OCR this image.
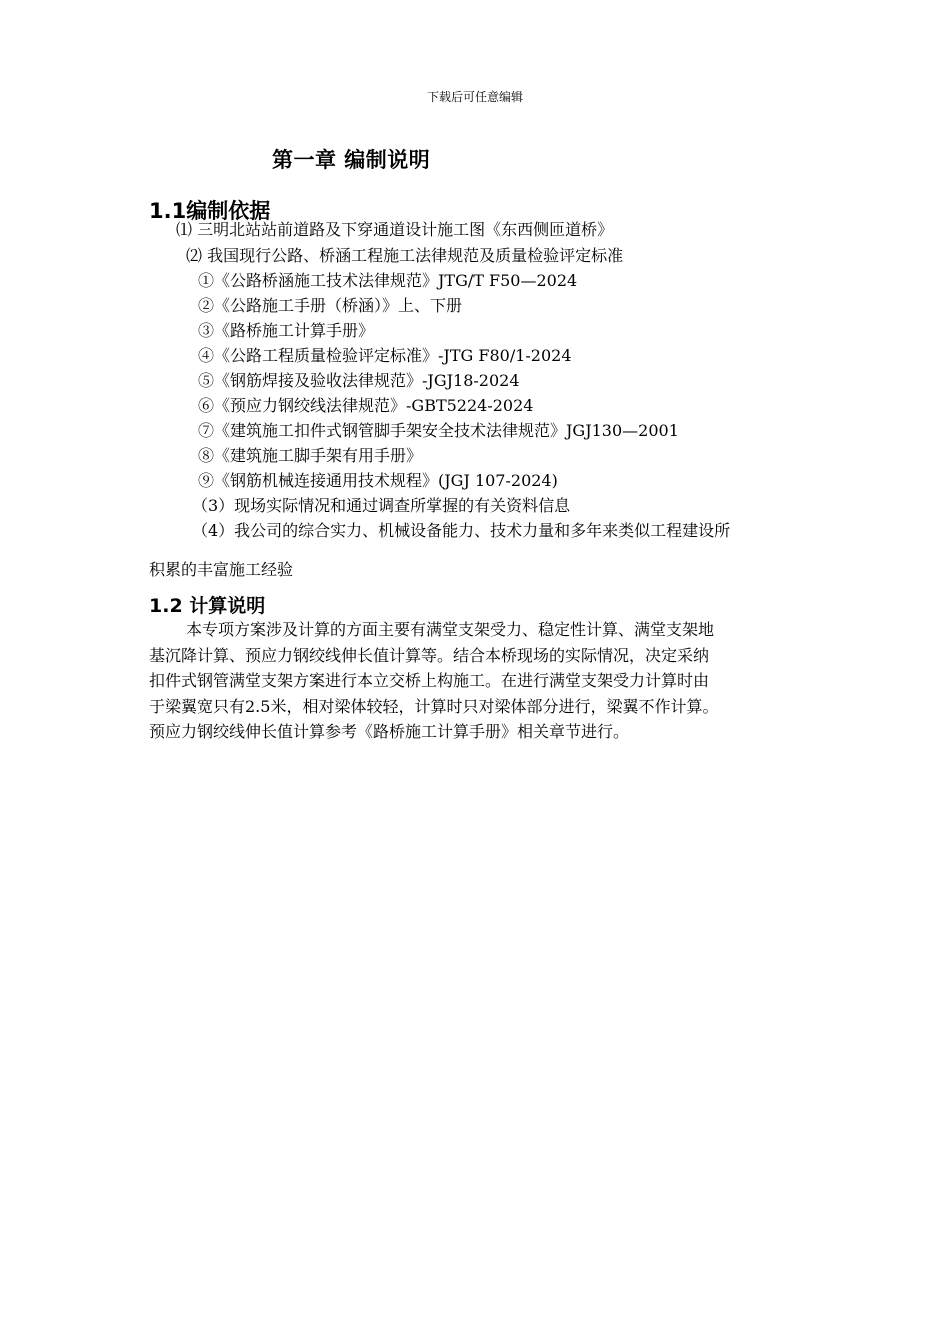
下载后可任意编辑
第一章 编制说明
1.1编制依据
⑴ 三明北站站前道路及下穿通道设计施工图《东西侧匝道桥》
⑵ 我国现行公路、桥涵工程施工法律规范及质量检验评定标准
①《公路桥涵施工技术法律规范》JTG/T F50—2024
②《公路施工手册（桥涵）》上、下册
③《路桥施工计算手册》
④《公路工程质量检验评定标准》-JTG F80/1-2024
⑤《钢筋焊接及验收法律规范》-JGJ18-2024
⑥《预应力钢绞线法律规范》-GBT5224-2024
⑦《建筑施工扣件式钢管脚手架安全技术法律规范》JGJ130—2001
⑧《建筑施工脚手架有用手册》
⑨《钢筋机械连接通用技术规程》(JGJ 107-2024)
（3）现场实际情况和通过调查所掌握的有关资料信息
（4）我公司的综合实力、机械设备能力、技术力量和多年来类似工程建设所
积累的丰富施工经验
1.2 计算说明
本专项方案涉及计算的方面主要有满堂支架受力、稳定性计算、满堂支架地
基沉降计算、预应力钢绞线伸长值计算等。结合本桥现场的实际情况，决定采纳
扣件式钢管满堂支架方案进行本立交桥上构施工。在进行满堂支架受力计算时由
于梁翼宽只有2.5米，相对梁体较轻，计算时只对梁体部分进行，梁翼不作计算。
预应力钢绞线伸长值计算参考《路桥施工计算手册》相关章节进行。
